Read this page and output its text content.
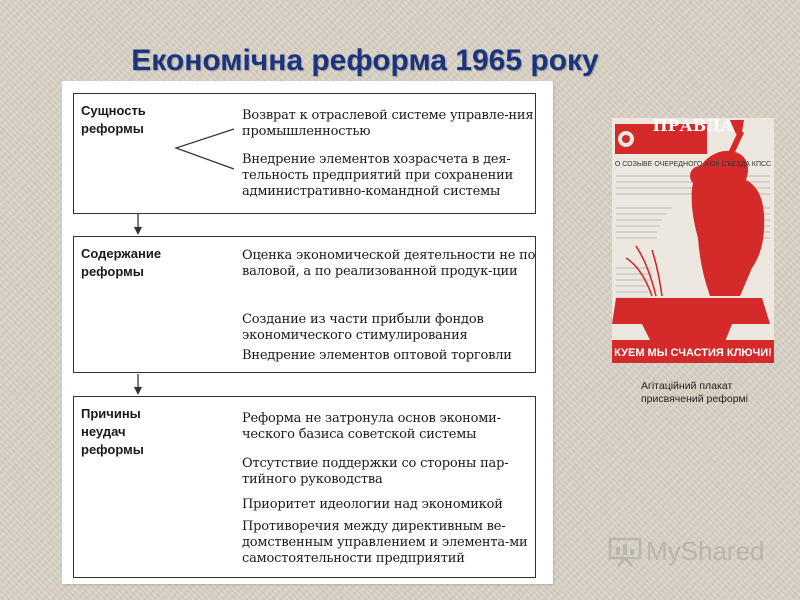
Економічна реформа 1965 року
Сущность реформы
Возврат к отраслевой системе управле-ния промышленностью
Внедрение элементов хозрасчета в дея-тельность предприятий при сохранении административно-командной системы
Содержание реформы
Оценка экономической деятельности не по валовой, а по реализованной продук-ции
Создание из части прибыли фондов экономического стимулирования
Внедрение элементов оптовой торговли
Причины неудач реформы
Реформа не затронула основ экономи-ческого базиса советской системы
Отсутствие поддержки со стороны пар-тийного руководства
Приоритет идеологии над экономикой
Противоречия между директивным ве-домственным управлением и элемента-ми самостоятельности предприятий
ПРАВДА
О СОЗЫВЕ ОЧЕРЕДНОГО XXIII СЪЕЗДА КПСС
КУЕМ МЫ СЧАСТИЯ КЛЮЧИ!
Агітаційний плакат присвячений реформі
MyShared
